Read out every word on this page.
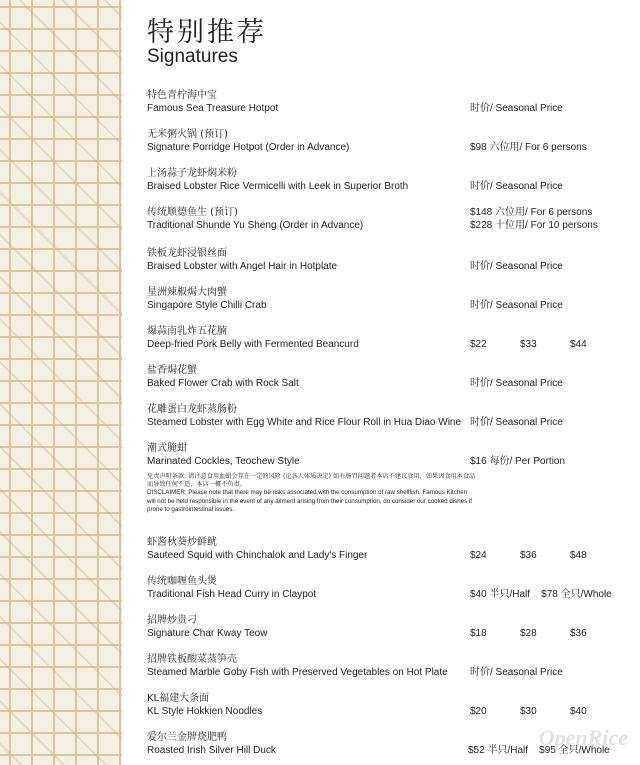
特别推荐
Signatures
特色青柠海中宝
Famous Sea Treasure Hotpot	时价/ Seasonal Price
无米粥火锅 (预订)
Signature Porridge Hotpot (Order in Advance)	$98 六位用/ For 6 persons
上汤蒜子龙虾焖米粉
Braised Lobster Rice Vermicelli with Leek in Superior Broth	时价/ Seasonal Price
传统顺德鱼生 (预订)
Traditional Shunde Yu Sheng (Order in Advance)
$148 六位用/ For 6 persons
$228 十位用/ For 10 persons
铁板龙虾浸银丝面
Braised Lobster with Angel Hair in Hotplate	时价/ Seasonal Price
星洲辣椒焗大肉蟹
Singapore Style Chilli Crab	时价/ Seasonal Price
爆蒜南乳炸五花腩
Deep-fried Pork Belly with Fermented Beancurd	$22	$33	$44
盐香焗花蟹
Baked Flower Crab with Rock Salt	时价/ Seasonal Price
花雕蛋白龙虾蒸肠粉
Steamed Lobster with Egg White and Rice Flour Roll in Hua Diao Wine 时价/ Seasonal Price
潮式腌蚶
Marinated Cockles, Teochew Style	$16 每份/ Per Portion
免责声明条款: 请注意食用血蚶会存在一定的风险 (论各人体质决定) 如有肠胃问题者本店不建议食用，如果因食用本食品而导致任何不适，本店一概不负责。
DISCLAIMER: Please note that there may be risks associated with the consumption of raw shellfish. Famous Kitchen will not be held responsible in the event of any ailment arising from their consumption, do consider our cooked dishes if prone to gastrointestinal issues.
虾酱秋葵炒鲜鱿
Sauteed Squid with Chinchalok and Lady's Finger	$24	$36	$48
传统咖喱鱼头煲
Traditional Fish Head Curry in Claypot	$40 半只/Half    $78 全只/Whole
招牌炒贵刁
Signature Char Kway Teow	$18	$28	$36
招牌铁板酸菜蒸笋壳
Steamed Marble Goby Fish with Preserved Vegetables on Hot Plate	时价/ Seasonal Price
KL福建大条面
KL Style Hokkien Noodles	$20	$30	$40
爱尔兰金牌烧肥鸭
Roasted Irish Silver Hill Duck	$52 半只/Half    $95 全只/Whole
OpenRice
